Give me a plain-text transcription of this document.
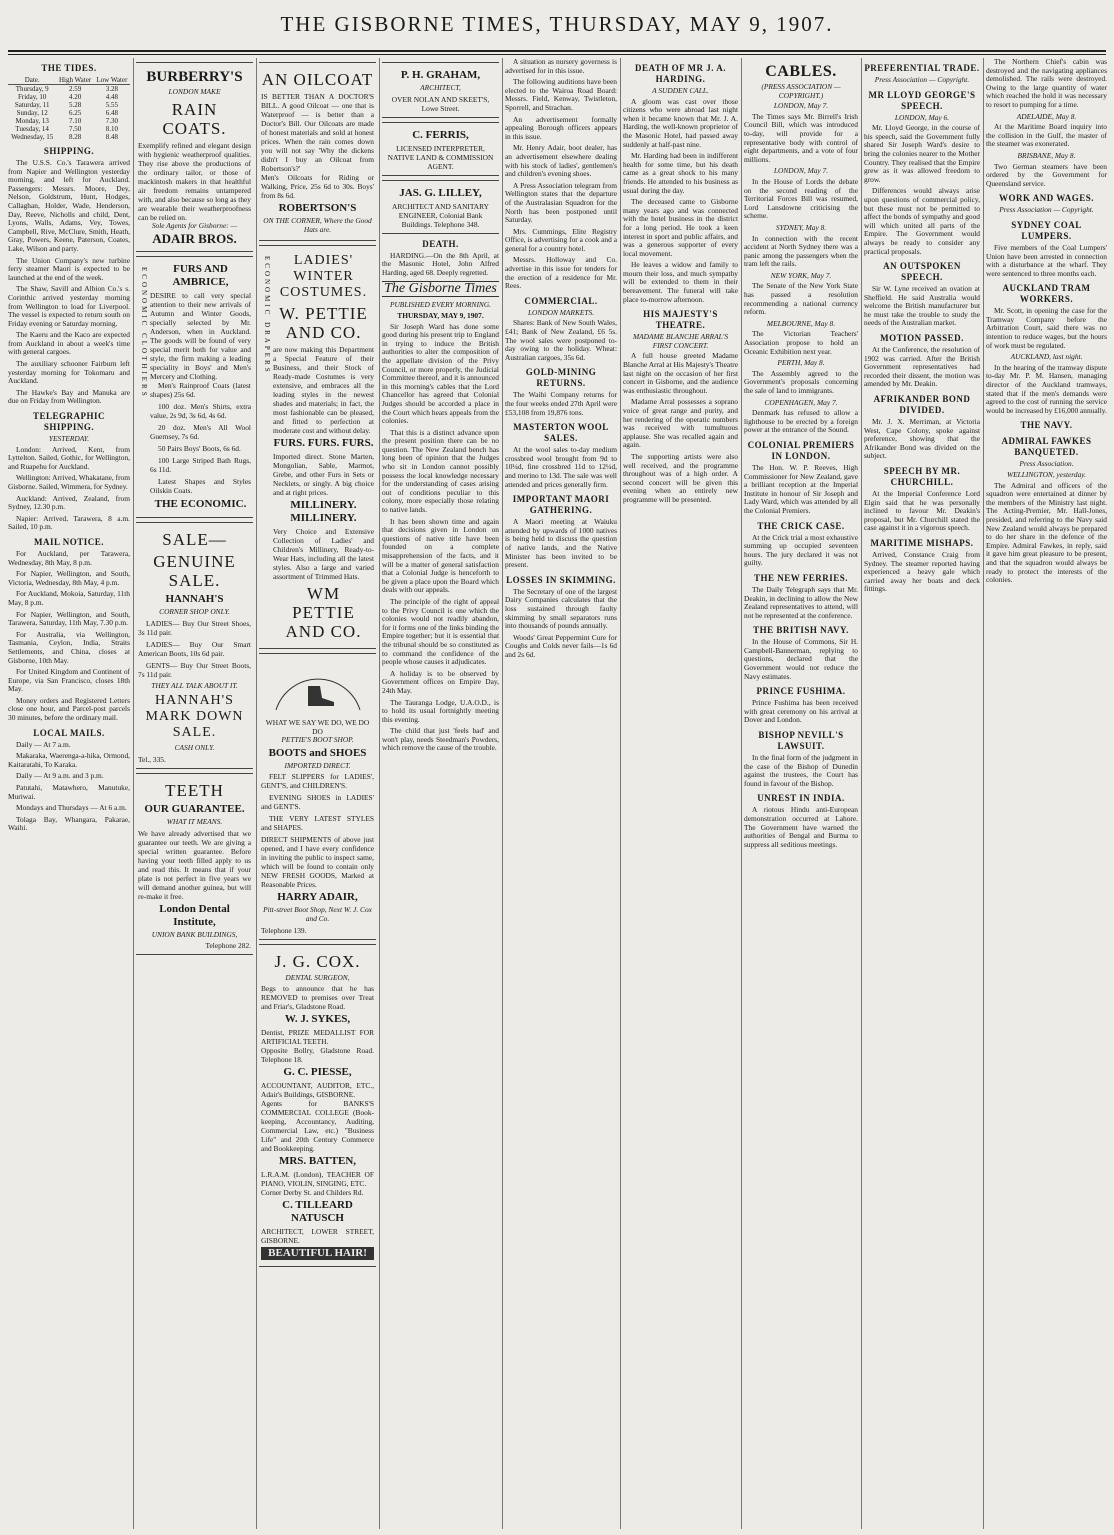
THE GISBORNE TIMES, THURSDAY, MAY 9, 1907.
THE TIDES.
Date.	High Water	Low Water
Thursday, 9	2.59	3.28
Friday, 10	4.20	4.48
Saturday, 11	5.28	5.55
Sunday, 12	6.25	6.48
Monday, 13	7.10	7.30
Tuesday, 14	7.50	8.10
Wednesday, 15	8.28	8.48
SHIPPING.

The U.S.S. Co.'s Tarawera arrived from Napier and Wellington yesterday morning, and left for Auckland. Passengers: Messrs. Moore, Dey, Nelson, Goldstrum, Hunt, Hodges, Callaghan, Holder, Wade, Henderson, Day, Reeve, Nicholls and child, Dent, Lyons, Walls, Adams, Vey, Towes, Campbell, Rive, McClure, Smith, Heath, Gray, Powers, Keene, Paterson, Coates, Lake, Wilson and party.

The Union Company's new turbine ferry steamer Maori is expected to be launched at the end of the week.

The Shaw, Savill and Albion Co.'s s. Corinthic arrived yesterday morning from Wellington to load for Liverpool. The vessel is expected to return south on Friday evening or Saturday morning.

The Kaeru and the Kaco are expected from Auckland in about a week's time with general cargoes.

The auxiliary schooner Fairburn left yesterday morning for Tokomaru and Auckland.

The Hawke's Bay and Manuka are due on Friday from Wellington.

TELEGRAPHIC SHIPPING.
YESTERDAY.

London: Arrived, Kent, from Lyttelton. Sailed, Gothic, for Wellington, and Ruapehu for Auckland.

Wellington: Arrived, Whakatane, from Gisborne. Sailed, Wimmera, for Sydney.

Auckland: Arrived, Zealand, from Sydney, 12.30 p.m.

Napier: Arrived, Tarawera, 8 a.m. Sailed, 10 p.m.

MAIL NOTICE.

For Auckland, per Tarawera, Wednesday, 8th May, 8 p.m.

For Napier, Wellington, and South, Victoria, Wednesday, 8th May, 4 p.m.

For Auckland, Mokoia, Saturday, 11th May, 8 p.m.

For Napier, Wellington, and South, Tarawera, Saturday, 11th May, 7.30 p.m.

For Australia, via Wellington, Tasmania, Ceylon, India, Straits Settlements, and China, closes at Gisborne, 10th May.

For United Kingdom and Continent of Europe, via San Francisco, closes 18th May.

Money orders and Registered Letters close one hour, and Parcel-post parcels 30 minutes, before the ordinary mail.

LOCAL MAILS.

Daily — At 7 a.m.

Makaraka, Waerenga-a-hika, Ormond, Kaitaratahi, To Karaka.

Daily — At 9 a.m. and 3 p.m.

Patutahi, Matawhero, Manutuke, Muriwai.

Mondays and Thursdays — At 6 a.m.

Tolaga Bay, Whangara, Pakarae, Waihi.

BURBERRY'S
LONDON MAKE
RAIN COATS.
Exemplify refined and elegant design with hygienic weatherproof qualities. They rise above the productions of the ordinary tailor, or those of mackintosh makers in that healthful air freedom remains untampered with, and also because so long as they are wearable their weatherproofness can be relied on.
Sole Agents for Gisborne: —
ADAIR BROS.
ECONOMIC CLOTHIERS	FURS AND AMBRICE,
DESIRE to call very special attention to their new arrivals of Autumn and Winter Goods, specially selected by Mr. Anderson, when in Auckland. The goods will be found of very special merit both for value and style, the firm making a leading speciality in Boys' and Men's Mercery and Clothing.

Men's Rainproof Coats (latest shapes) 25s 6d.

100 doz. Men's Shirts, extra value, 2s 9d, 3s 6d, 4s 6d.

20 doz. Men's All Wool Guernsey, 7s 6d.

50 Pairs Boys' Boots, 6s 6d.

100 Large Striped Bath Rugs, 6s 11d.

Latest Shapes and Styles Oilskin Coats.

THE ECONOMIC.
SALE—
GENUINE SALE.
HANNAH'S
CORNER SHOP ONLY.

LADIES— Buy Our Street Shoes, 3s 11d pair.

LADIES— Buy Our Smart American Boots, 10s 6d pair.

GENTS— Buy Our Street Boots, 7s 11d pair.

THEY ALL TALK ABOUT IT.
HANNAH'S MARK DOWN SALE.
CASH ONLY.
Tel., 335.
TEETH
OUR GUARANTEE.
WHAT IT MEANS.
We have already advertised that we guarantee our teeth. We are giving a special written guarantee. Before having your teeth filled apply to us and read this. It means that if your plate is not perfect in five years we will demand another guinea, but will re-make it free.
London Dental Institute,
UNION BANK BUILDINGS,
Telephone 282.
AN OILCOAT
IS BETTER THAN A DOCTOR'S BILL. A good Oilcoat — one that is Waterproof — is better than a Doctor's Bill. Our Oilcoats are made of honest materials and sold at honest prices. When the rain comes down you will not say 'Why the dickens didn't I buy an Oilcoat from Robertson's?'
Men's Oilcoats for Riding or Walking, Price, 25s 6d to 30s. Boys' from 8s 6d.
ROBERTSON'S
ON THE CORNER, Where the Good Hats are.
ECONOMIC DRAPERS	LADIES' WINTER COSTUMES.
W. PETTIE AND CO.
are now making this Department a Special Feature of their Business, and their Stock of Ready-made Costumes is very extensive, and embraces all the leading styles in the newest shades and materials; in fact, the most fashionable can be pleased, and fitted to perfection at moderate cost and without delay.
FURS. FURS. FURS.
Imported direct. Stone Marten, Mongolian, Sable, Marmot, Grebe, and other Furs in Sets or Necklets, or singly. A big choice and at right prices.
MILLINERY. MILLINERY.
Very Choice and Extensive Collection of Ladies' and Children's Millinery, Ready-to-Wear Hats, including all the latest styles. Also a large and varied assortment of Trimmed Hats.
WM PETTIE AND CO.
WHAT WE SAY WE DO, WE DO DO
PETTIE'S BOOT SHOP.
BOOTS and SHOES
IMPORTED DIRECT.

FELT SLIPPERS for LADIES', GENT'S, and CHILDREN'S.

EVENING SHOES in LADIES' and GENT'S.

THE VERY LATEST STYLES and SHAPES.

DIRECT SHIPMENTS of above just opened, and I have every confidence in inviting the public to inspect same, which will be found to contain only NEW FRESH GOODS, Marked at Reasonable Prices.
HARRY ADAIR,
Pitt-street Boot Shop, Next W. J. Cox and Co.
Telephone 139.
J. G. COX.
DENTAL SURGEON,
Begs to announce that he has REMOVED to premises over Treat and Friar's, Gladstone Road.
W. J. SYKES,
Dentist, PRIZE MEDALLIST FOR ARTIFICIAL TEETH.
Opposite Bollry, Gladstone Road. Telephone 18.
G. C. PIESSE,
ACCOUNTANT, AUDITOR, ETC., Adair's Buildings, GISBORNE.
Agents for BANKS'S COMMERCIAL COLLEGE (Book-keeping, Accountancy, Auditing, Commercial Law, etc.) "Business Life" and 20th Century Commerce and Bookkeeping.
MRS. BATTEN,
L.R.A.M. (London), TEACHER OF PIANO, VIOLIN, SINGING, ETC.
Corner Derby St. and Childers Rd.
C. TILLEARD NATUSCH
ARCHITECT, LOWER STREET, GISBORNE.
BEAUTIFUL HAIR!
P. H. GRAHAM,
ARCHITECT,
OVER NOLAN AND SKEET'S, Lowe Street.
C. FERRIS,
LICENSED INTERPRETER, NATIVE LAND & COMMISSION AGENT.
JAS. G. LILLEY,
ARCHITECT AND SANITARY ENGINEER, Colonial Bank Buildings. Telephone 348.
DEATH.

HARDING.—On the 8th April, at the Masonic Hotel, John Alfred Harding, aged 68. Deeply regretted.

The Gisborne Times
PUBLISHED EVERY MORNING.
THURSDAY, MAY 9, 1907.

Sir Joseph Ward has done some good during his present trip to England in trying to induce the British authorities to alter the composition of the appellate division of the Privy Council, or more properly, the Judicial Committee thereof, and it is announced in this morning's cables that the Lord Chancellor has agreed that Colonial Judges should be accorded a place in the Court which hears appeals from the colonies.

That this is a distinct advance upon the present position there can be no question. The New Zealand bench has long been of opinion that the Judges who sit in London cannot possibly possess the local knowledge necessary for the understanding of cases arising out of conditions peculiar to this colony, more especially those relating to native lands.

It has been shown time and again that decisions given in London on questions of native title have been founded on a complete misapprehension of the facts, and it will be a matter of general satisfaction that a Colonial Judge is henceforth to be given a place upon the Board which deals with our appeals.

The principle of the right of appeal to the Privy Council is one which the colonies would not readily abandon, for it forms one of the links binding the Empire together; but it is essential that the tribunal should be so constituted as to command the confidence of the people whose causes it adjudicates.

A holiday is to be observed by Government offices on Empire Day, 24th May.

The Tauranga Lodge, U.A.O.D., is to hold its usual fortnightly meeting this evening.

The child that just 'feels bad' and won't play, needs Steedman's Powders, which remove the cause of the trouble.

A situation as nursery governess is advertised for in this issue.

The following auditions have been elected to the Wairoa Road Board: Messrs. Field, Kenway, Twistleton, Sporrell, and Strachan.

An advertisement formally appealing Borough officers appears in this issue.

Mr. Henry Adair, boot dealer, has an advertisement elsewhere dealing with his stock of ladies', gentlemen's and children's evening shoes.

A Press Association telegram from Wellington states that the departure of the Australasian Squadron for the North has been postponed until Saturday.

Mrs. Cummings, Elite Registry Office, is advertising for a cook and a general for a country hotel.

Messrs. Holloway and Co. advertise in this issue for tenders for the erection of a residence for Mr. Rees.

COMMERCIAL.
LONDON MARKETS.

Shares: Bank of New South Wales, £41; Bank of New Zealand, £6 5s. The wool sales were postponed to-day owing to the holiday. Wheat: Australian cargoes, 35s 6d.

GOLD-MINING RETURNS.

The Waihi Company returns for the four weeks ended 27th April were £53,108 from 19,876 tons.

MASTERTON WOOL SALES.

At the wool sales to-day medium crossbred wool brought from 9d to 10¼d, fine crossbred 11d to 12¼d, and merino to 13d. The sale was well attended and prices generally firm.

IMPORTANT MAORI GATHERING.

A Maori meeting at Waiuku attended by upwards of 1000 natives is being held to discuss the question of native lands, and the Native Minister has been invited to be present.

LOSSES IN SKIMMING.

The Secretary of one of the largest Dairy Companies calculates that the loss sustained through faulty skimming by small separators runs into thousands of pounds annually.

Woods' Great Peppermint Cure for Coughs and Colds never fails—1s 6d and 2s 6d.

DEATH OF MR J. A. HARDING.
A SUDDEN CALL.

A gloom was cast over those citizens who were abroad last night when it became known that Mr. J. A. Harding, the well-known proprietor of the Masonic Hotel, had passed away suddenly at half-past nine.

Mr. Harding had been in indifferent health for some time, but his death came as a great shock to his many friends. He attended to his business as usual during the day.

The deceased came to Gisborne many years ago and was connected with the hotel business in the district for a long period. He took a keen interest in sport and public affairs, and was a generous supporter of every local movement.

He leaves a widow and family to mourn their loss, and much sympathy will be extended to them in their bereavement. The funeral will take place to-morrow afternoon.

HIS MAJESTY'S THEATRE.
MADAME BLANCHE ARRAL'S FIRST CONCERT.

A full house greeted Madame Blanche Arral at His Majesty's Theatre last night on the occasion of her first concert in Gisborne, and the audience was enthusiastic throughout.

Madame Arral possesses a soprano voice of great range and purity, and her rendering of the operatic numbers was received with tumultuous applause. She was recalled again and again.

The supporting artists were also well received, and the programme throughout was of a high order. A second concert will be given this evening when an entirely new programme will be presented.

CABLES.
(PRESS ASSOCIATION — COPYRIGHT.)
LONDON, May 7.

The Times says Mr. Birrell's Irish Council Bill, which was introduced to-day, will provide for a representative body with control of eight departments, and a vote of four millions.

LONDON, May 7.

In the House of Lords the debate on the second reading of the Territorial Forces Bill was resumed, Lord Lansdowne criticising the scheme.

SYDNEY, May 8.

In connection with the recent accident at North Sydney there was a panic among the passengers when the tram left the rails.

NEW YORK, May 7.

The Senate of the New York State has passed a resolution recommending a national currency reform.

MELBOURNE, May 8.

The Victorian Teachers' Association propose to hold an Oceanic Exhibition next year.

PERTH, May 8.

The Assembly agreed to the Government's proposals concerning the sale of land to immigrants.

COPENHAGEN, May 7.

Denmark has refused to allow a lighthouse to be erected by a foreign power at the entrance of the Sound.

COLONIAL PREMIERS IN LONDON.

The Hon. W. P. Reeves, High Commissioner for New Zealand, gave a brilliant reception at the Imperial Institute in honour of Sir Joseph and Lady Ward, which was attended by all the Colonial Premiers.

THE CRICK CASE.

At the Crick trial a most exhaustive summing up occupied seventeen hours. The jury declared it was not guilty.

THE NEW FERRIES.

The Daily Telegraph says that Mr. Deakin, in declining to allow the New Zealand representatives to attend, will not be represented at the conference.

THE BRITISH NAVY.

In the House of Commons, Sir H. Campbell-Bannerman, replying to questions, declared that the Government would not reduce the Navy estimates.

PRINCE FUSHIMA.

Prince Fushima has been received with great ceremony on his arrival at Dover and London.

BISHOP NEVILL'S LAWSUIT.

In the final form of the judgment in the case of the Bishop of Dunedin against the trustees, the Court has found in favour of the Bishop.

UNREST IN INDIA.

A riotous Hindu anti-European demonstration occurred at Lahore. The Government have warned the authorities of Bengal and Burma to suppress all seditious meetings.

PREFERENTIAL TRADE.
Press Association — Copyright.
MR LLOYD GEORGE'S SPEECH.
LONDON, May 6.

Mr. Lloyd George, in the course of his speech, said the Government fully shared Sir Joseph Ward's desire to bring the colonies nearer to the Mother Country. They realised that the Empire grew as it was allowed freedom to grow.

Differences would always arise upon questions of commercial policy, but these must not be permitted to affect the bonds of sympathy and good will which united all parts of the Empire. The Government would always be ready to consider any practical proposals.

AN OUTSPOKEN SPEECH.

Sir W. Lyne received an ovation at Sheffield. He said Australia would welcome the British manufacturer but he must take the trouble to study the needs of the Australian market.

MOTION PASSED.

At the Conference, the resolution of 1902 was carried. After the British Government representatives had recorded their dissent, the motion was amended by Mr. Deakin.

AFRIKANDER BOND DIVIDED.

Mr. J. X. Merriman, at Victoria West, Cape Colony, spoke against preference, showing that the Afrikander Bond was divided on the subject.

SPEECH BY MR. CHURCHILL.

At the Imperial Conference Lord Elgin said that he was personally inclined to favour Mr. Deakin's proposal, but Mr. Churchill stated the case against it in a vigorous speech.

MARITIME MISHAPS.

Arrived, Constance Craig from Sydney. The steamer reported having experienced a heavy gale which carried away her boats and deck fittings.

The Northern Chief's cabin was destroyed and the navigating appliances demolished. The rails were destroyed. Owing to the large quantity of water which reached the hold it was necessary to resort to pumping for a time.

ADELAIDE, May 8.

At the Maritime Board inquiry into the collision in the Gulf, the master of the steamer was exonerated.

BRISBANE, May 8.

Two German steamers have been ordered by the Government for Queensland service.

WORK AND WAGES.
Press Association — Copyright.
SYDNEY COAL LUMPERS.

Five members of the Coal Lumpers' Union have been arrested in connection with a disturbance at the wharf. They were sentenced to three months each.

AUCKLAND TRAM WORKERS.

Mr. Scott, in opening the case for the Tramway Company before the Arbitration Court, said there was no intention to reduce wages, but the hours of work must be regulated.

AUCKLAND, last night.

In the hearing of the tramway dispute to-day Mr. P. M. Hansen, managing director of the Auckland tramways, stated that if the men's demands were agreed to the cost of running the service would be increased by £16,000 annually.

THE NAVY.
ADMIRAL FAWKES BANQUETED.
Press Association.
WELLINGTON, yesterday.

The Admiral and officers of the squadron were entertained at dinner by the members of the Ministry last night. The Acting-Premier, Mr. Hall-Jones, presided, and referring to the Navy said New Zealand would always be prepared to do her share in the defence of the Empire. Admiral Fawkes, in reply, said it gave him great pleasure to be present, and that the squadron would always be ready to protect the interests of the colonies.
